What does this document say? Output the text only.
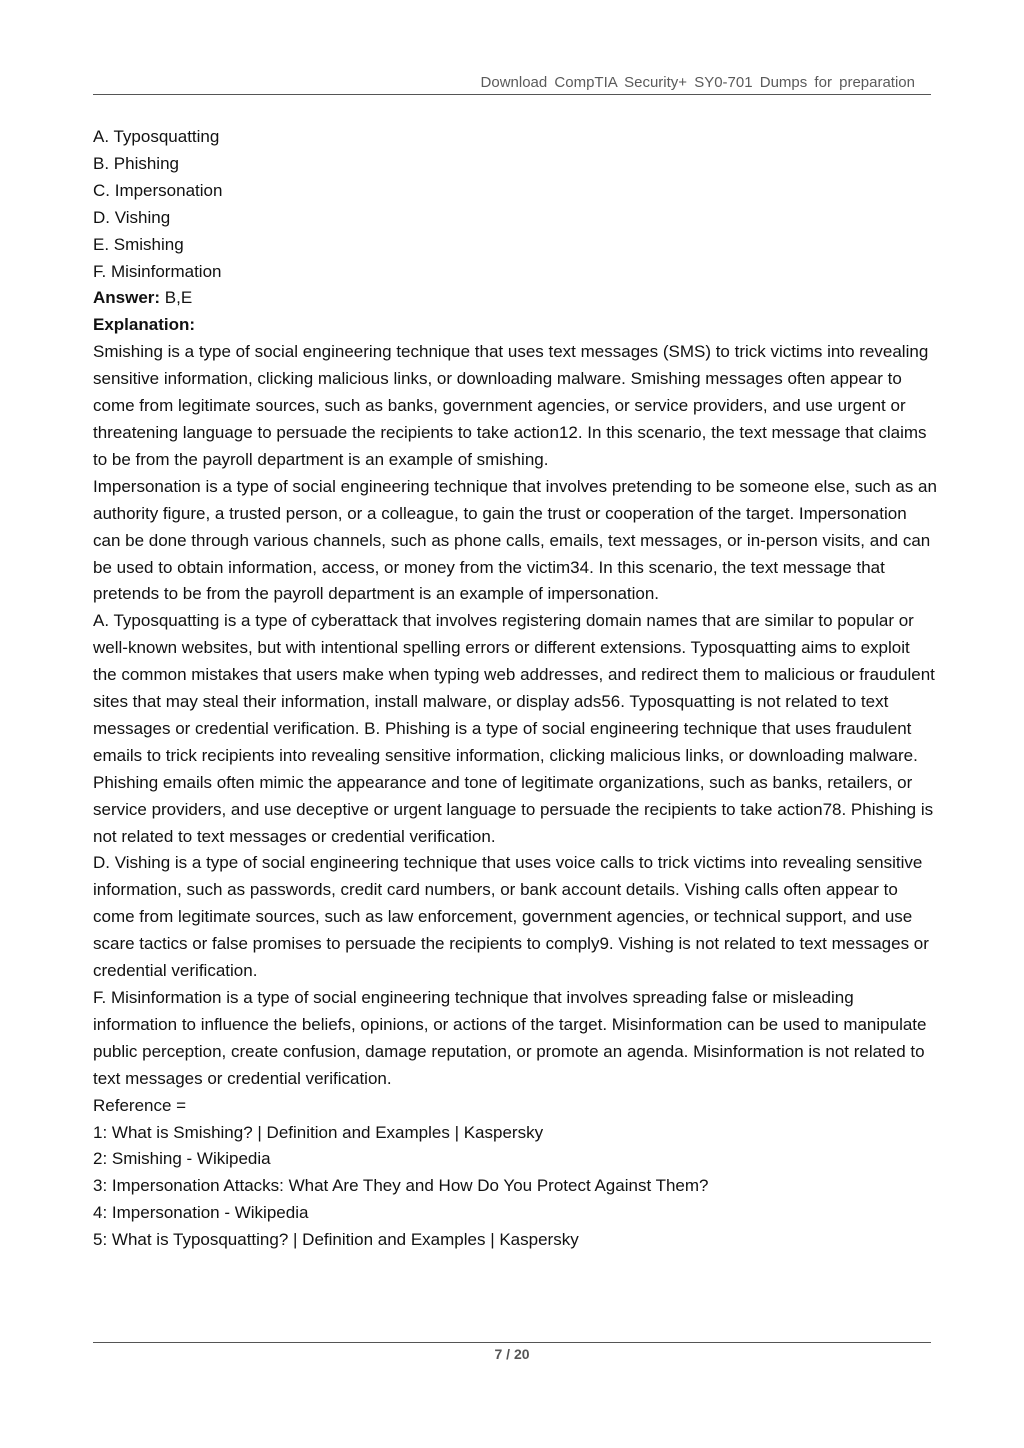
Download CompTIA Security+ SY0-701 Dumps for preparation
A. Typosquatting
B. Phishing
C. Impersonation
D. Vishing
E. Smishing
F. Misinformation
Answer: B,E
Explanation:
Smishing is a type of social engineering technique that uses text messages (SMS) to trick victims into revealing sensitive information, clicking malicious links, or downloading malware. Smishing messages often appear to come from legitimate sources, such as banks, government agencies, or service providers, and use urgent or threatening language to persuade the recipients to take action12. In this scenario, the text message that claims to be from the payroll department is an example of smishing.
Impersonation is a type of social engineering technique that involves pretending to be someone else, such as an authority figure, a trusted person, or a colleague, to gain the trust or cooperation of the target. Impersonation can be done through various channels, such as phone calls, emails, text messages, or in-person visits, and can be used to obtain information, access, or money from the victim34. In this scenario, the text message that pretends to be from the payroll department is an example of impersonation.
A. Typosquatting is a type of cyberattack that involves registering domain names that are similar to popular or well-known websites, but with intentional spelling errors or different extensions. Typosquatting aims to exploit the common mistakes that users make when typing web addresses, and redirect them to malicious or fraudulent sites that may steal their information, install malware, or display ads56. Typosquatting is not related to text messages or credential verification. B. Phishing is a type of social engineering technique that uses fraudulent emails to trick recipients into revealing sensitive information, clicking malicious links, or downloading malware. Phishing emails often mimic the appearance and tone of legitimate organizations, such as banks, retailers, or service providers, and use deceptive or urgent language to persuade the recipients to take action78. Phishing is not related to text messages or credential verification.
D. Vishing is a type of social engineering technique that uses voice calls to trick victims into revealing sensitive information, such as passwords, credit card numbers, or bank account details. Vishing calls often appear to come from legitimate sources, such as law enforcement, government agencies, or technical support, and use scare tactics or false promises to persuade the recipients to comply9. Vishing is not related to text messages or credential verification.
F. Misinformation is a type of social engineering technique that involves spreading false or misleading information to influence the beliefs, opinions, or actions of the target. Misinformation can be used to manipulate public perception, create confusion, damage reputation, or promote an agenda. Misinformation is not related to text messages or credential verification.
Reference =
1: What is Smishing? | Definition and Examples | Kaspersky
2: Smishing - Wikipedia
3: Impersonation Attacks: What Are They and How Do You Protect Against Them?
4: Impersonation - Wikipedia
5: What is Typosquatting? | Definition and Examples | Kaspersky
7 / 20
